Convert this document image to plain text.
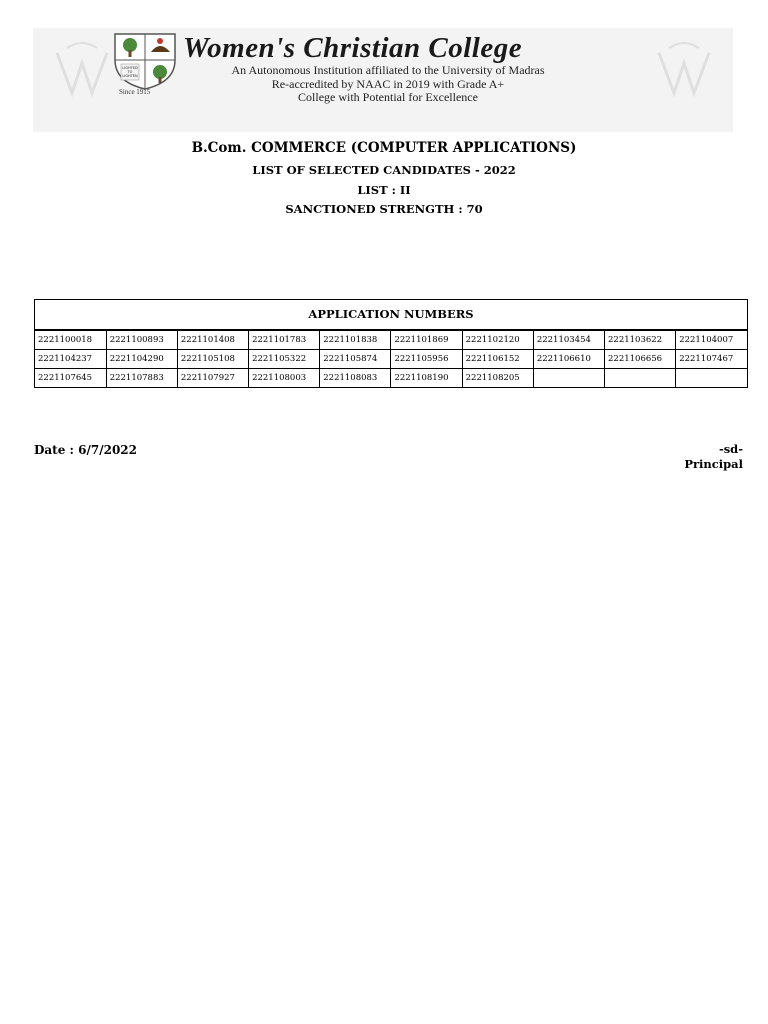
LIGHTED
TO
LIGHTEN
Since 1915
Women's Christian College
An Autonomous Institution affiliated to the University of Madras
Re-accredited by NAAC in 2019 with Grade A+
College with Potential for Excellence
B.Com. COMMERCE (COMPUTER APPLICATIONS)
LIST OF SELECTED CANDIDATES - 2022
LIST : II
SANCTIONED STRENGTH : 70
APPLICATION NUMBERS
2221100018	2221100893	2221101408	2221101783	2221101838	2221101869	2221102120	2221103454	2221103622	2221104007
2221104237	2221104290	2221105108	2221105322	2221105874	2221105956	2221106152	2221106610	2221106656	2221107467
2221107645	2221107883	2221107927	2221108003	2221108083	2221108190	2221108205			
Date : 6/7/2022	-sd-
Principal
